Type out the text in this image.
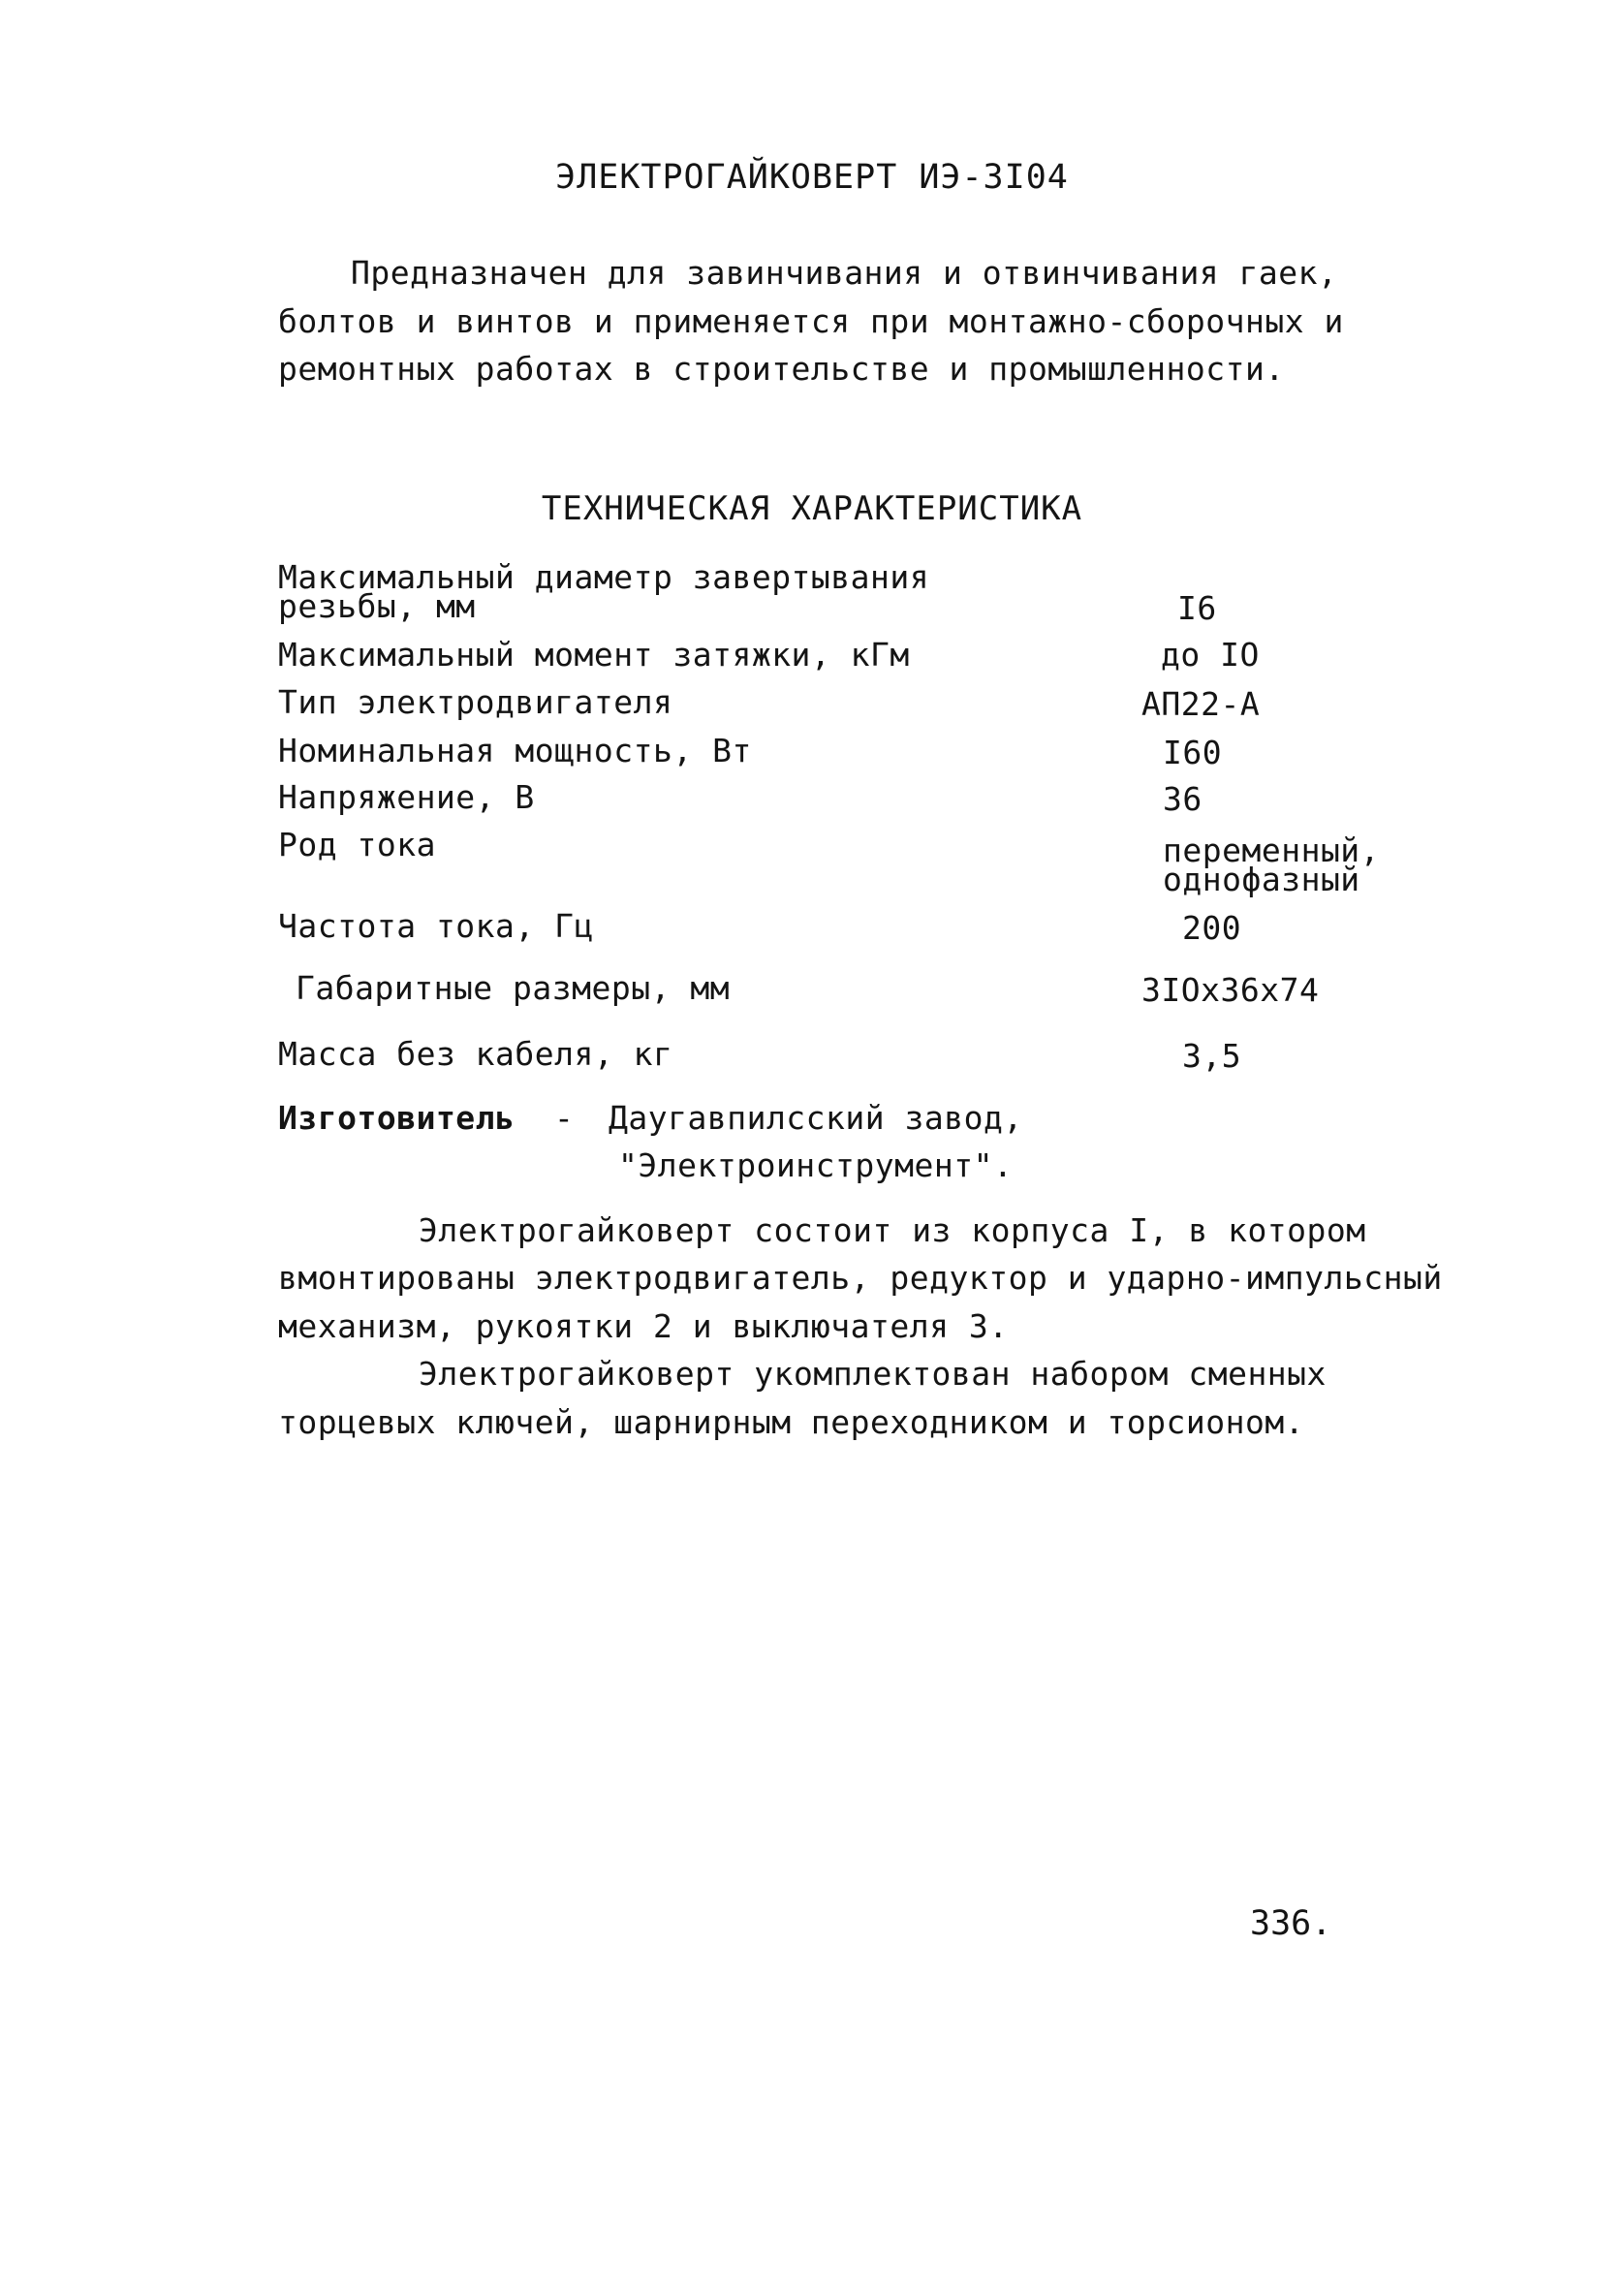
ЭЛЕКТРОГАЙКОВЕРТ ИЭ-3I04
Предназначен для завинчивания и отвинчивания гаек,
болтов и винтов и применяется при монтажно-сборочных и
ремонтных работах в строительстве и промышленности.
ТЕХНИЧЕСКАЯ ХАРАКТЕРИСТИКА
Максимальный диаметр завертывания
резьбы, мм	I6
Максимальный момент затяжки, кГм	до IО
Тип электродвигателя	АП22-А
Номинальная мощность, Вт	I60
Напряжение, В	36
Род тока	переменный,
однофазный
Частота тока, Гц	200
Габаритные размеры, мм	3IОх36х74
Масса без кабеля, кг	3,5
Изготовитель - Даугавпилсский завод,
"Электроинструмент".
Электрогайковерт состоит из корпуса I, в котором
вмонтированы электродвигатель, редуктор и ударно-импульсный
механизм, рукоятки 2 и выключателя 3.
Электрогайковерт укомплектован набором сменных
торцевых ключей, шарнирным переходником и торсионом.
336.
